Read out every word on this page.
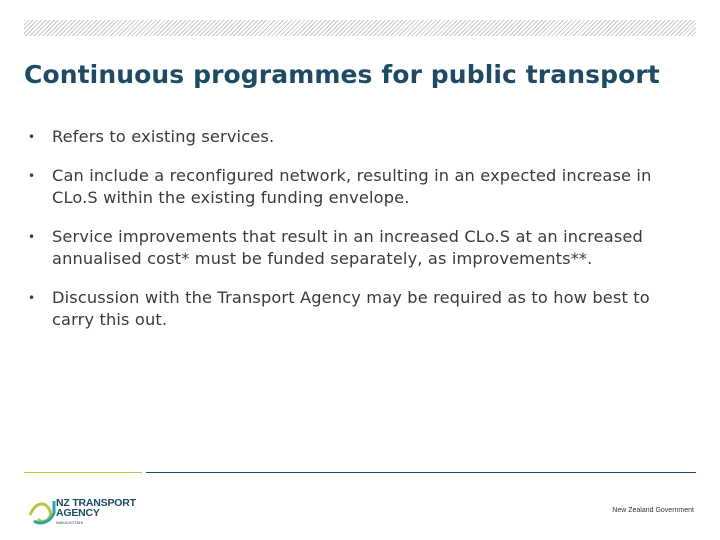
Continuous programmes for public transport
• Refers to existing services.
• Can include a reconfigured network, resulting in an expected increase in CLo.S within the existing funding envelope.
• Service improvements that result in an increased CLo.S at an increased annualised cost* must be funded separately, as improvements**.
• Discussion with the Transport Agency may be required as to how best to carry this out.
NZ TRANSPORT
AGENCY
WAKA KOTAHI
New Zealand Government
